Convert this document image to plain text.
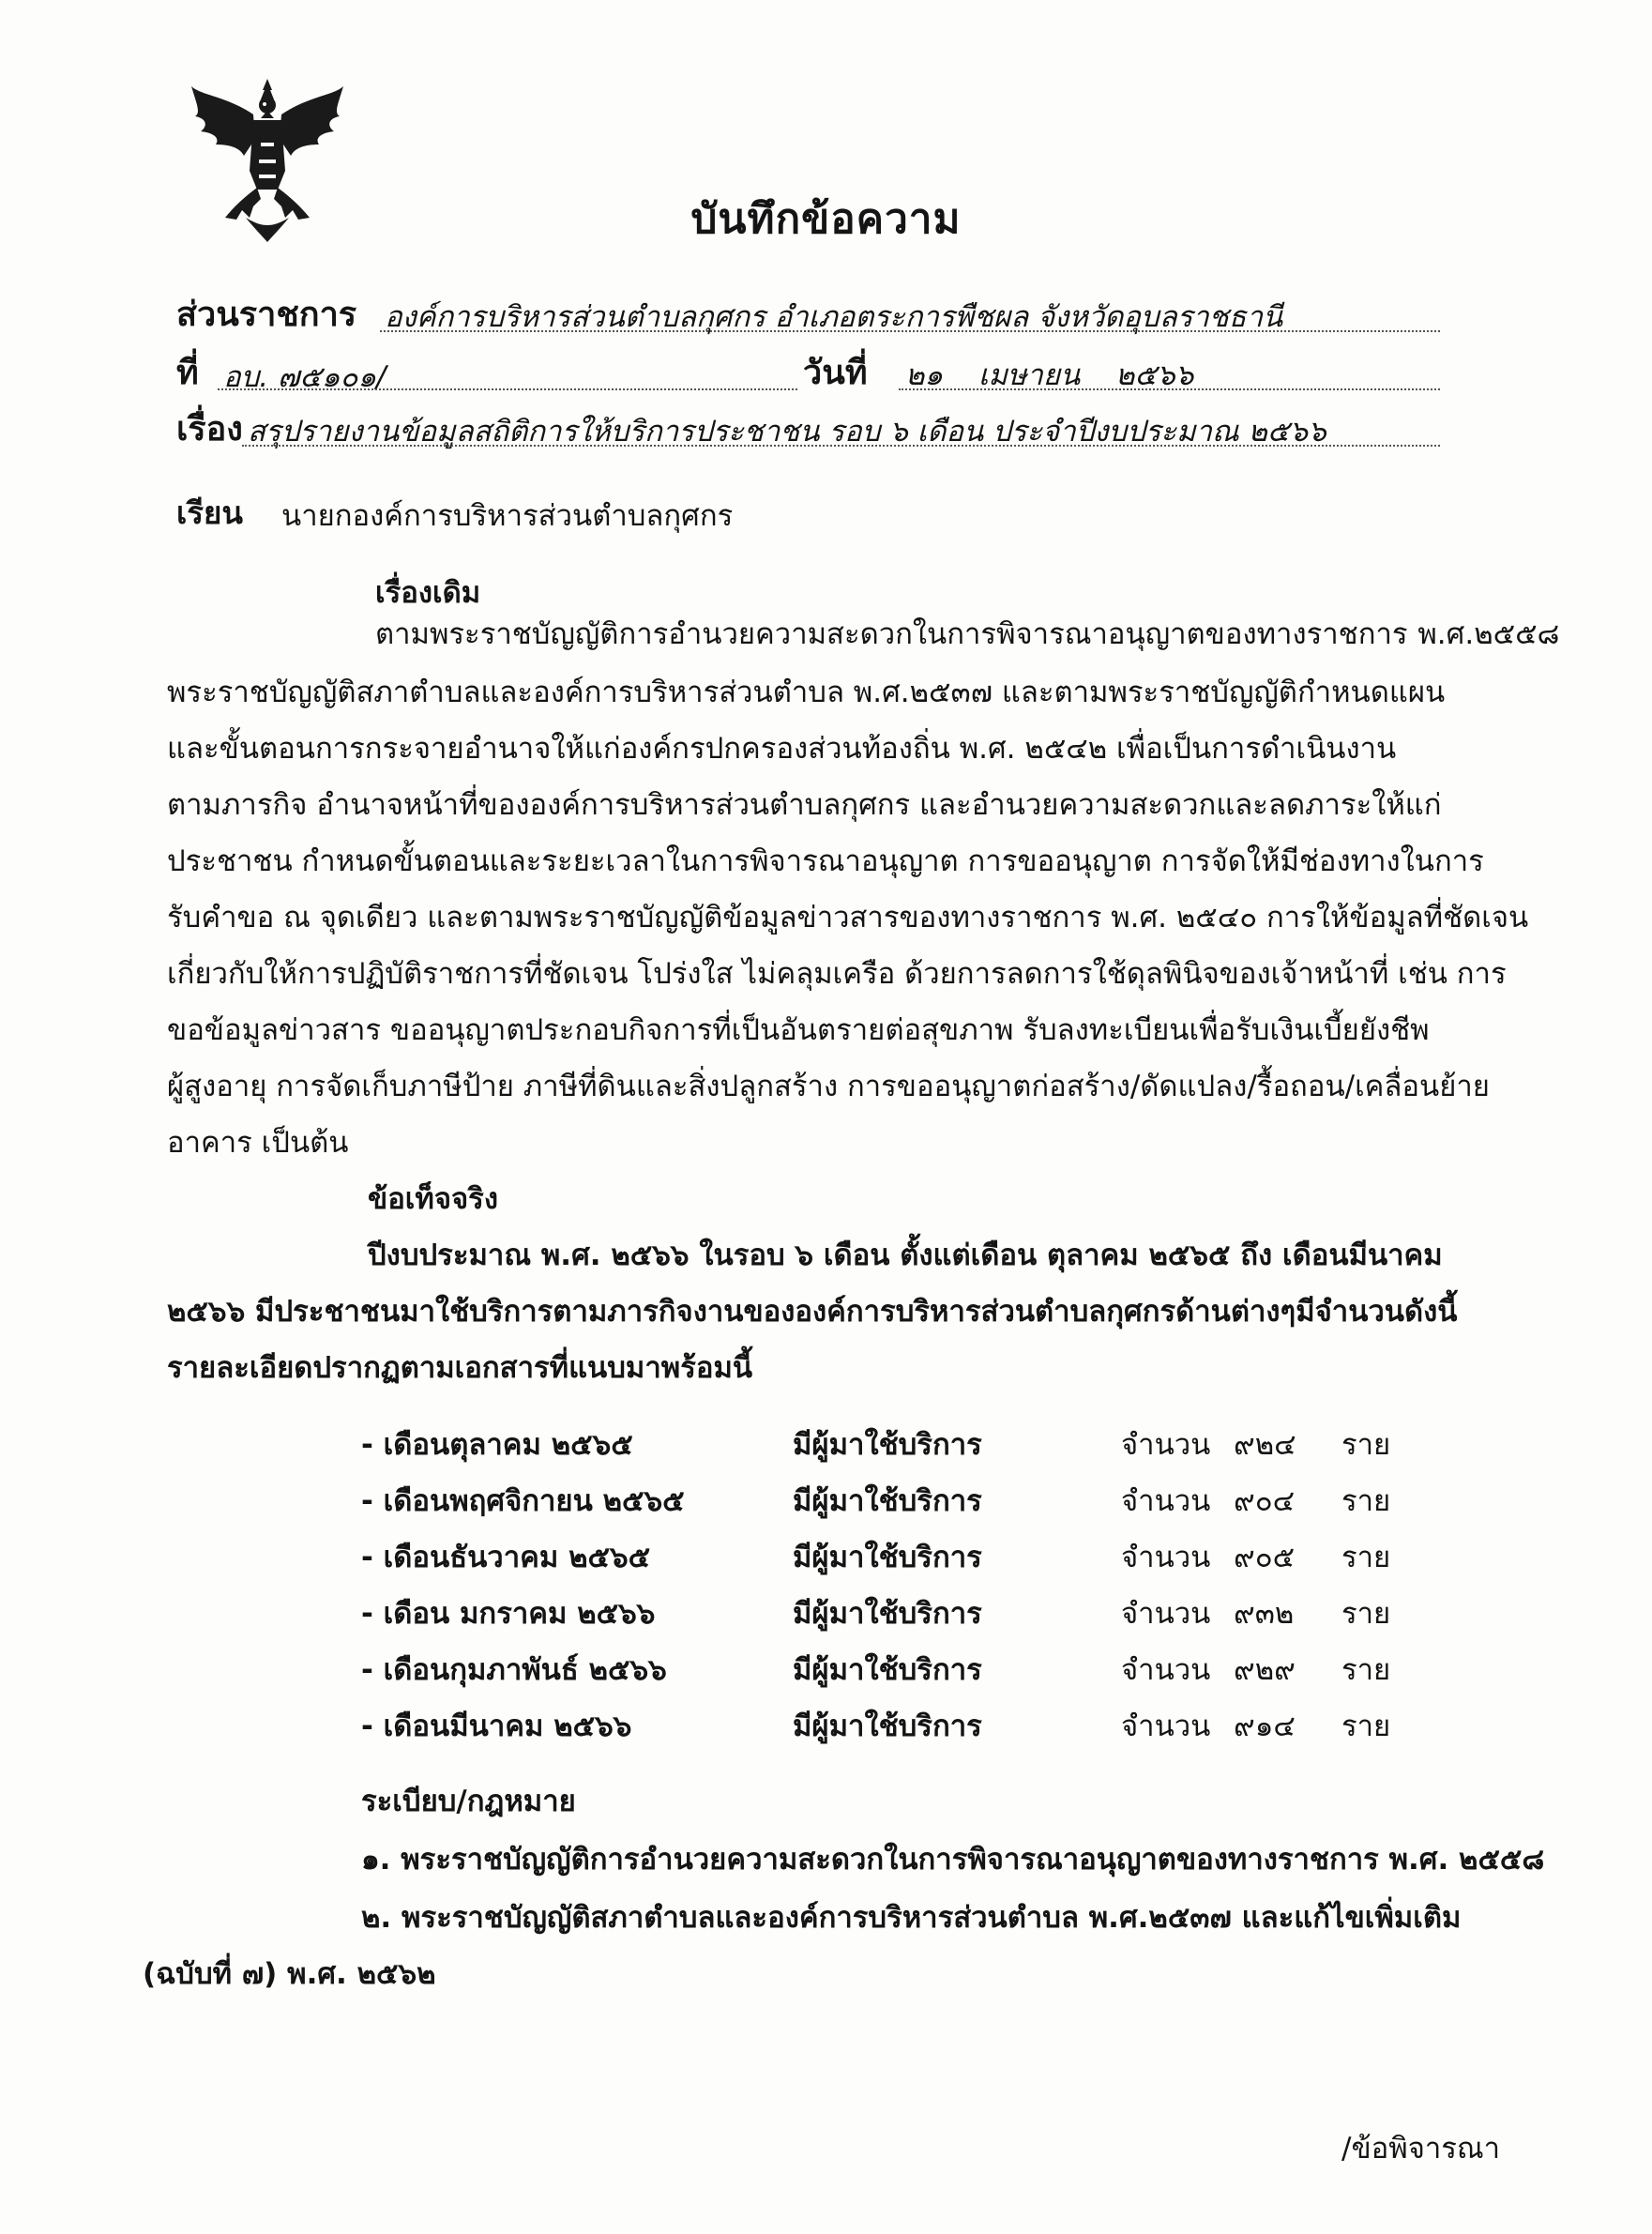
บันทึกข้อความ
ส่วนราชการ องค์การบริหารส่วนตำบลกุศกร อำเภอตระการพืชผล จังหวัดอุบลราชธานี
ที่ อบ. ๗๕๑๐๑/	วันที่ ๒๑ เมษายน ๒๕๖๖
เรื่อง สรุปรายงานข้อมูลสถิติการให้บริการประชาชน รอบ ๖ เดือน ประจำปีงบประมาณ ๒๕๖๖
เรียน นายกองค์การบริหารส่วนตำบลกุศกร
เรื่องเดิม
ตามพระราชบัญญัติการอำนวยความสะดวกในการพิจารณาอนุญาตของทางราชการ พ.ศ.๒๕๕๘
พระราชบัญญัติสภาตำบลและองค์การบริหารส่วนตำบล พ.ศ.๒๕๓๗ และตามพระราชบัญญัติกำหนดแผน
และขั้นตอนการกระจายอำนาจให้แก่องค์กรปกครองส่วนท้องถิ่น พ.ศ. ๒๕๔๒ เพื่อเป็นการดำเนินงาน
ตามภารกิจ อำนาจหน้าที่ขององค์การบริหารส่วนตำบลกุศกร และอำนวยความสะดวกและลดภาระให้แก่
ประชาชน กำหนดขั้นตอนและระยะเวลาในการพิจารณาอนุญาต การขออนุญาต การจัดให้มีช่องทางในการ
รับคำขอ ณ จุดเดียว และตามพระราชบัญญัติข้อมูลข่าวสารของทางราชการ พ.ศ. ๒๕๔๐ การให้ข้อมูลที่ชัดเจน
เกี่ยวกับให้การปฏิบัติราชการที่ชัดเจน โปร่งใส ไม่คลุมเครือ ด้วยการลดการใช้ดุลพินิจของเจ้าหน้าที่ เช่น การ
ขอข้อมูลข่าวสาร ขออนุญาตประกอบกิจการที่เป็นอันตรายต่อสุขภาพ รับลงทะเบียนเพื่อรับเงินเบี้ยยังชีพ
ผู้สูงอายุ การจัดเก็บภาษีป้าย ภาษีที่ดินและสิ่งปลูกสร้าง การขออนุญาตก่อสร้าง/ดัดแปลง/รื้อถอน/เคลื่อนย้าย
อาคาร เป็นต้น
ข้อเท็จจริง
ปีงบประมาณ พ.ศ. ๒๕๖๖ ในรอบ ๖ เดือน ตั้งแต่เดือน ตุลาคม ๒๕๖๕ ถึง เดือนมีนาคม
๒๕๖๖ มีประชาชนมาใช้บริการตามภารกิจงานขององค์การบริหารส่วนตำบลกุศกรด้านต่างๆมีจำนวนดังนี้
รายละเอียดปรากฏตามเอกสารที่แนบมาพร้อมนี้
- เดือนตุลาคม ๒๕๖๕	มีผู้มาใช้บริการ	จำนวน ๙๒๔ ราย
- เดือนพฤศจิกายน ๒๕๖๕	มีผู้มาใช้บริการ	จำนวน ๙๐๔ ราย
- เดือนธันวาคม ๒๕๖๕	มีผู้มาใช้บริการ	จำนวน ๙๐๕ ราย
- เดือน มกราคม ๒๕๖๖	มีผู้มาใช้บริการ	จำนวน ๙๓๒ ราย
- เดือนกุมภาพันธ์ ๒๕๖๖	มีผู้มาใช้บริการ	จำนวน ๙๒๙ ราย
- เดือนมีนาคม ๒๕๖๖	มีผู้มาใช้บริการ	จำนวน ๙๑๔ ราย
ระเบียบ/กฎหมาย
๑. พระราชบัญญัติการอำนวยความสะดวกในการพิจารณาอนุญาตของทางราชการ พ.ศ. ๒๕๕๘
๒. พระราชบัญญัติสภาตำบลและองค์การบริหารส่วนตำบล พ.ศ.๒๕๓๗ และแก้ไขเพิ่มเติม
(ฉบับที่ ๗) พ.ศ. ๒๕๖๒
/ข้อพิจารณา
